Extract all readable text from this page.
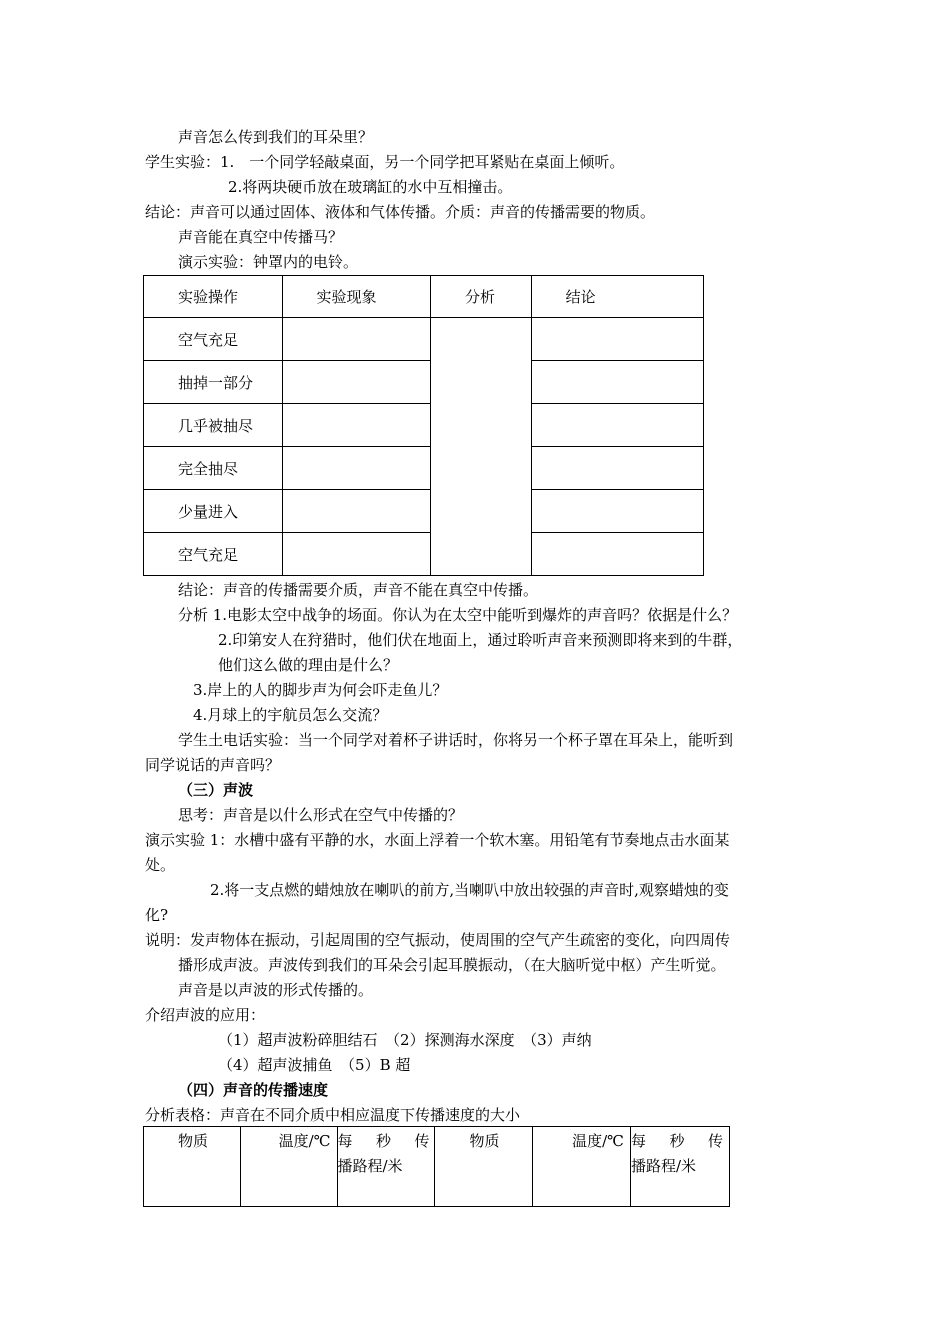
声音怎么传到我们的耳朵里？
学生实验：1.　一个同学轻敲桌面，另一个同学把耳紧贴在桌面上倾听。
2.将两块硬币放在玻璃缸的水中互相撞击。
结论：声音可以通过固体、液体和气体传播。介质：声音的传播需要的物质。
声音能在真空中传播马？
演示实验：钟罩内的电铃。
实验操作	实验现象	分析	结论
空气充足			
抽掉一部分			
几乎被抽尽			
完全抽尽			
少量进入			
空气充足			
结论：声音的传播需要介质，声音不能在真空中传播。
分析 1.电影太空中战争的场面。你认为在太空中能听到爆炸的声音吗？依据是什么？
2.印第安人在狩猎时，他们伏在地面上，通过聆听声音来预测即将来到的牛群，
他们这么做的理由是什么？
3.岸上的人的脚步声为何会吓走鱼儿？
4.月球上的宇航员怎么交流？
学生土电话实验：当一个同学对着杯子讲话时，你将另一个杯子罩在耳朵上，能听到
同学说话的声音吗？
（三）声波
思考：声音是以什么形式在空气中传播的？
演示实验 1：水槽中盛有平静的水，水面上浮着一个软木塞。用铅笔有节奏地点击水面某
处。
2.将一支点燃的蜡烛放在喇叭的前方,当喇叭中放出较强的声音时,观察蜡烛的变
化?
说明：发声物体在振动，引起周围的空气振动，使周围的空气产生疏密的变化，向四周传
播形成声波。声波传到我们的耳朵会引起耳膜振动，（在大脑听觉中枢）产生听觉。
声音是以声波的形式传播的。
介绍声波的应用：
（1）超声波粉碎胆结石　（2）探测海水深度　（3）声纳
（4）超声波捕鱼　（5）B 超
（四）声音的传播速度
分析表格：声音在不同介质中相应温度下传播速度的大小
物质	温度/℃	每　秒　传
播路程/米	物质	温度/℃	每　秒　传
播路程/米
